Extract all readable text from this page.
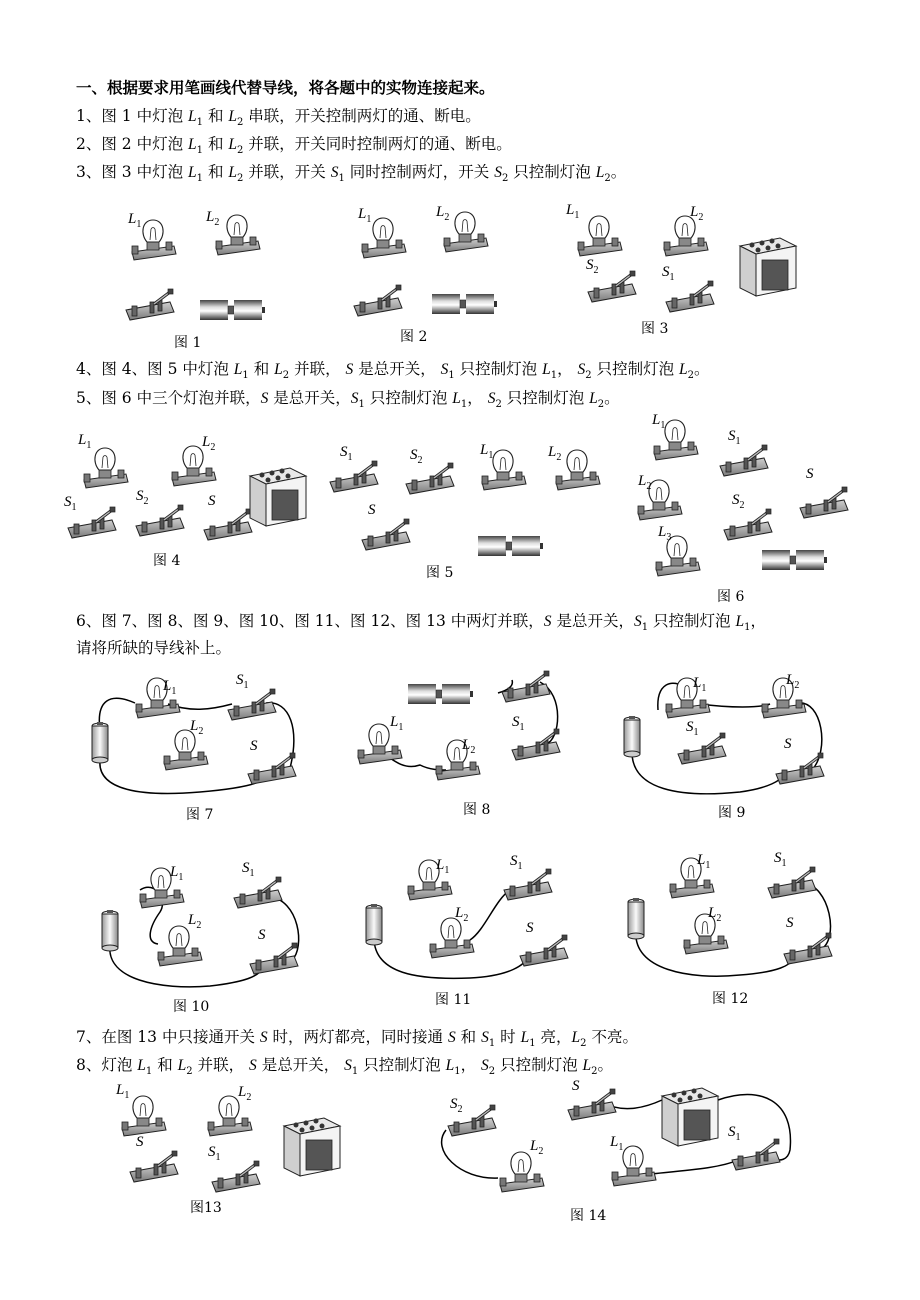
一、根据要求用笔画线代替导线，将各题中的实物连接起来。
1、图 1 中灯泡 $L_1$ 和 $L_2$ 串联，开关控制两灯的通、断电。
2、图 2 中灯泡 $L_1$ 和 $L_2$ 并联，开关同时控制两灯的通、断电。
3、图 3 中灯泡 $L_1$ 和 $L_2$ 并联，开关 $S_1$ 同时控制两灯，开关 $S_2$ 只控制灯泡 $L_2$。
4、图 4、图 5 中灯泡 $L_1$ 和 $L_2$ 并联， S 是总开关， $S_1$ 只控制灯泡 $L_1$， $S_2$ 只控制灯泡 $L_2$。
5、图 6 中三个灯泡并联，S 是总开关，$S_1$ 只控制灯泡 $L_1$， $S_2$ 只控制灯泡 $L_2$。
6、图 7、图 8、图 9、图 10、图 11、图 12、图 13 中两灯并联，S 是总开关，$S_1$ 只控制灯泡 $L_1$，
请将所缺的导线补上。
7、在图 13 中只接通开关 S 时，两灯都亮，同时接通 S 和 $S_1$ 时 $L_1$ 亮，$L_2$ 不亮。
8、灯泡 $L_1$ 和 $L_2$ 并联， S 是总开关， $S_1$ 只控制灯泡 $L_1$， $S_2$ 只控制灯泡 $L_2$。
图 1	图 2	图 3
图 4
图 5
图 6
图 7	图 8	图 9
图 10	图 11	图 12
图13	图 14
$L_1$	$L_2$
$L_1$	$L_2$	$L_1$	$L_2$
$S_2$	$S_1$
$L_1$	$L_2$
$S_1$
$S_2$	S
$S_1$	$S_2$
$L_1$	$L_2$
S
$L_1$
$L_2$
$L_3$
$S_1$
$S_2$
S
$L_1$
$L_2$
$S_1$
S
$L_1$
$L_2$
$S_1$
$L_1$
$L_2$
$S_1$
S
$L_1$
$L_2$
$S_1$
S
$L_1$
$L_2$
$S_1$
S
$L_1$
$L_2$
$S_1$
S
$L_1$	$L_2$
S
$S_1$
$S_2$
$L_2$
S
$L_1$
$S_1$
